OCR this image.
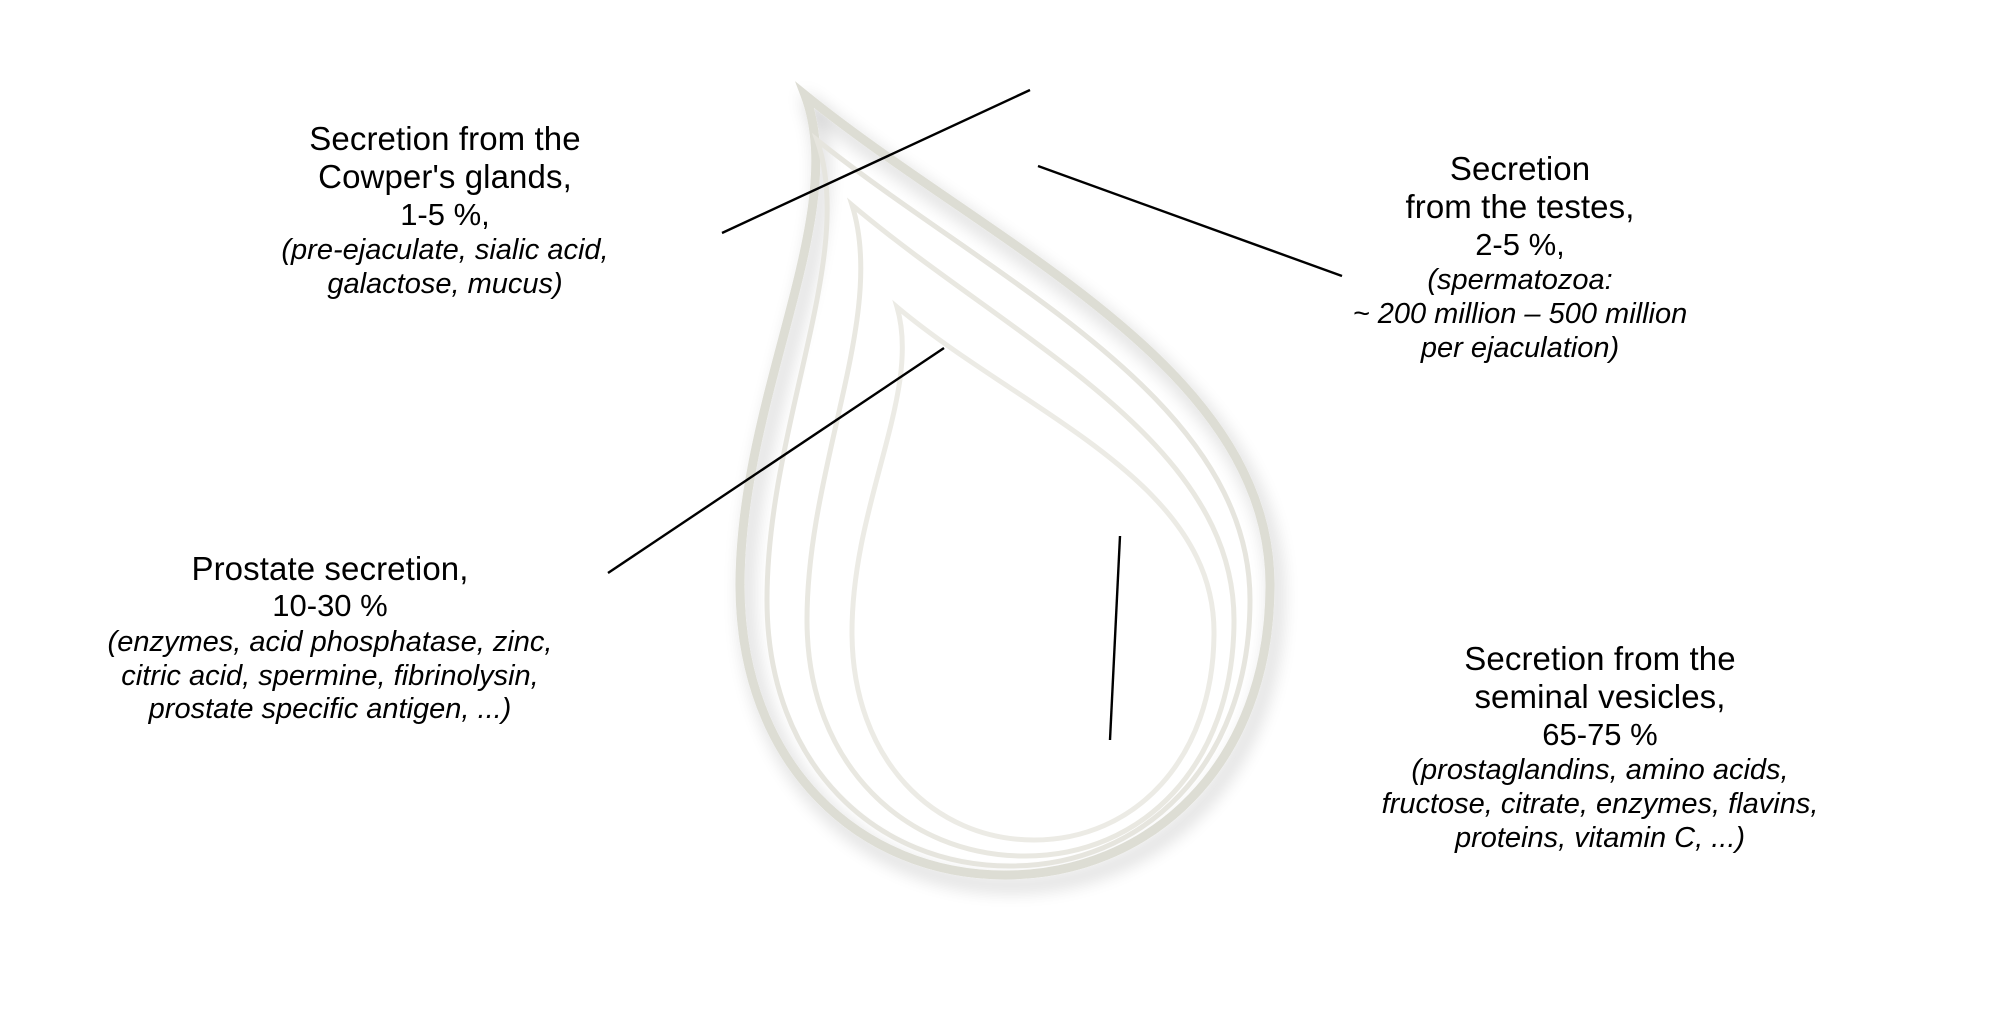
Secretion from the
Cowper's glands,
1-5 %,
(pre-ejaculate, sialic acid,
galactose, mucus)
Secretion
from the testes,
2-5 %,
(spermatozoa:
~ 200 million – 500 million
per ejaculation)
Prostate secretion,
10-30 %
(enzymes, acid phosphatase, zinc,
citric acid, spermine, fibrinolysin,
prostate specific antigen, ...)
Secretion from the
seminal vesicles,
65-75 %
(prostaglandins, amino acids,
fructose, citrate, enzymes, flavins,
proteins, vitamin C, ...)
